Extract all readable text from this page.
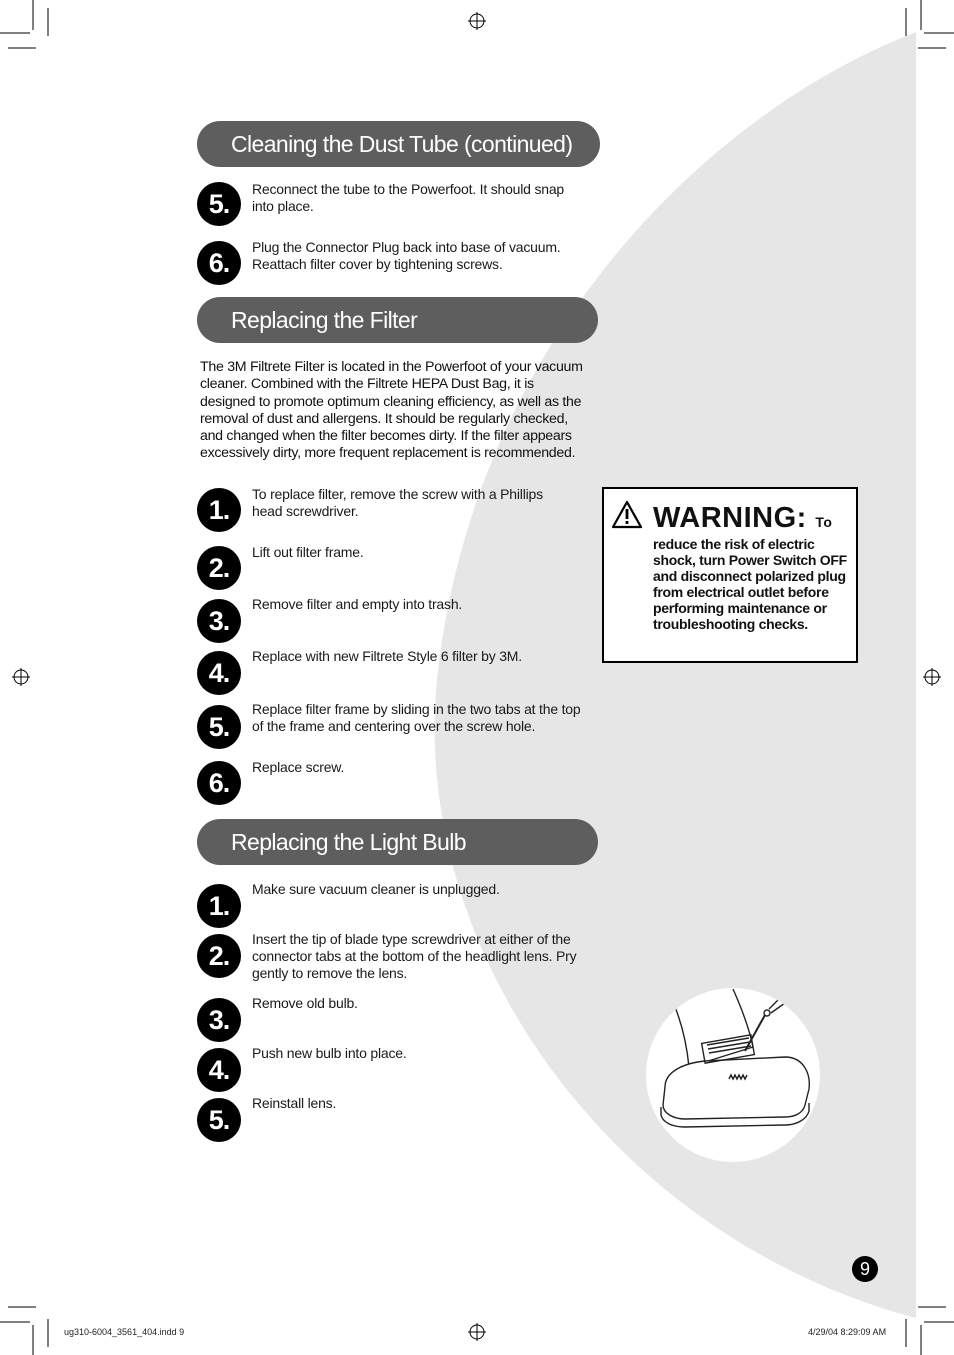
Cleaning the Dust Tube (continued)
5.	Reconnect the tube to the Powerfoot. It should snap into place.
6.
Plug the Connector Plug back into base of vacuum. Reattach filter cover by tightening screws.
Replacing the Filter
The 3M Filtrete Filter is located in the Powerfoot of your vacuum cleaner. Combined with the Filtrete HEPA Dust Bag, it is designed to promote optimum cleaning efficiency, as well as the removal of dust and allergens. It should be regularly checked, and changed when the filter becomes dirty. If the filter appears excessively dirty, more frequent replacement is recommended.
1.
To replace filter, remove the screw with a Phillips head screwdriver.
2.
Lift out filter frame.
3.
Remove filter and empty into trash.
4.
Replace with new Filtrete Style 6 filter by 3M.
5.
Replace filter frame by sliding in the two tabs at the top of the frame and centering over the screw hole.
6.
Replace screw.
Replacing the Light Bulb
1.
Make sure vacuum cleaner is unplugged.
2.
Insert the tip of blade type screwdriver at either of the connector tabs at the bottom of the headlight lens. Pry gently to remove the lens.
3.
Remove old bulb.
4.
Push new bulb into place.
5.
Reinstall lens.
WARNING: To
reduce the risk of electric shock, turn Power Switch OFF and disconnect polarized plug from electrical outlet before performing maintenance or troubleshooting checks.
9
ug310-6004_3561_404.indd 9	4/29/04 8:29:09 AM
